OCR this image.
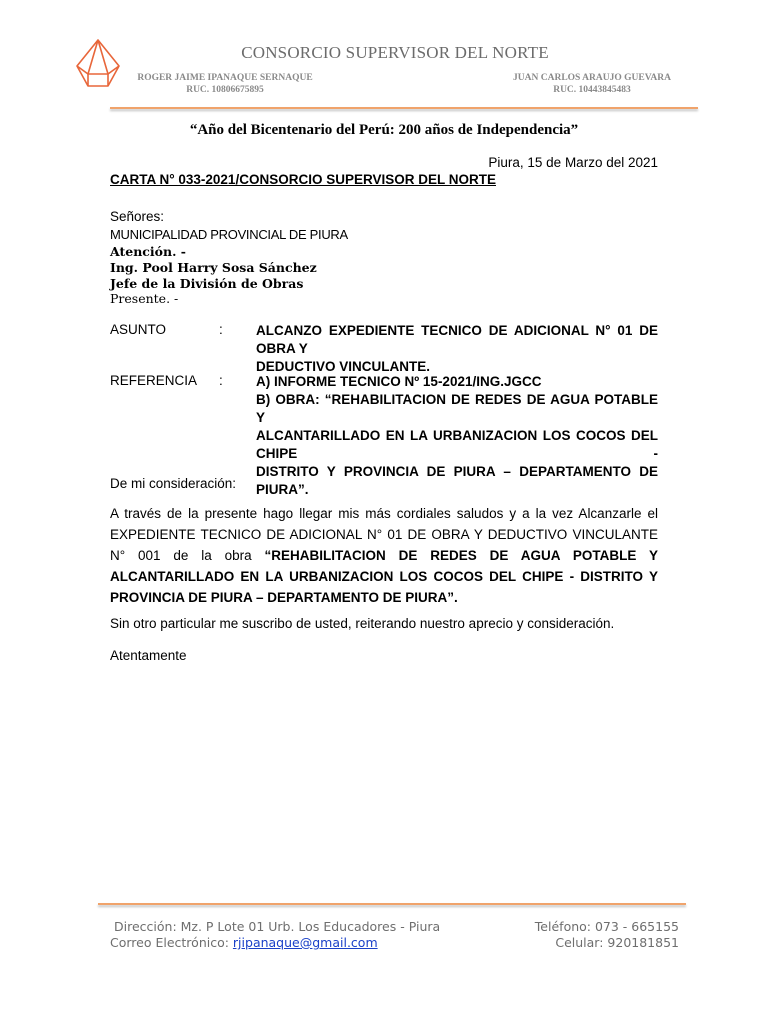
CONSORCIO SUPERVISOR DEL NORTE
ROGER JAIME IPANAQUE SERNAQUE
RUC. 10806675895
JUAN CARLOS ARAUJO GUEVARA
RUC. 10443845483
“Año del Bicentenario del Perú: 200 años de Independencia”
Piura, 15 de Marzo del 2021
CARTA N° 033-2021/CONSORCIO SUPERVISOR DEL NORTE
Señores:
MUNICIPALIDAD PROVINCIAL DE PIURA
Atención. -
Ing. Pool Harry Sosa Sánchez
Jefe de la División de Obras
Presente. -
ASUNTO	: ALCANZO EXPEDIENTE TECNICO DE ADICIONAL N° 01 DE OBRA Y
DEDUCTIVO VINCULANTE.
REFERENCIA : A) INFORME TECNICO Nº 15-2021/ING.JGCC
B) OBRA: “REHABILITACION DE REDES DE AGUA POTABLE Y
ALCANTARILLADO EN LA URBANIZACION LOS COCOS DEL CHIPE -
DISTRITO Y PROVINCIA DE PIURA – DEPARTAMENTO DE PIURA”.
De mi consideración:
A través de la presente hago llegar mis más cordiales saludos y a la vez Alcanzarle el EXPEDIENTE TECNICO DE ADICIONAL N° 01 DE OBRA Y DEDUCTIVO VINCULANTE N° 001 de la obra “REHABILITACION DE REDES DE AGUA POTABLE Y ALCANTARILLADO EN LA URBANIZACION LOS COCOS DEL CHIPE - DISTRITO Y PROVINCIA DE PIURA – DEPARTAMENTO DE PIURA”.
Sin otro particular me suscribo de usted, reiterando nuestro aprecio y consideración.
Atentamente
Dirección: Mz. P Lote 01 Urb. Los Educadores - Piura
Correo Electrónico: rjipanaque@gmail.com
Teléfono: 073 - 665155
Celular: 920181851
